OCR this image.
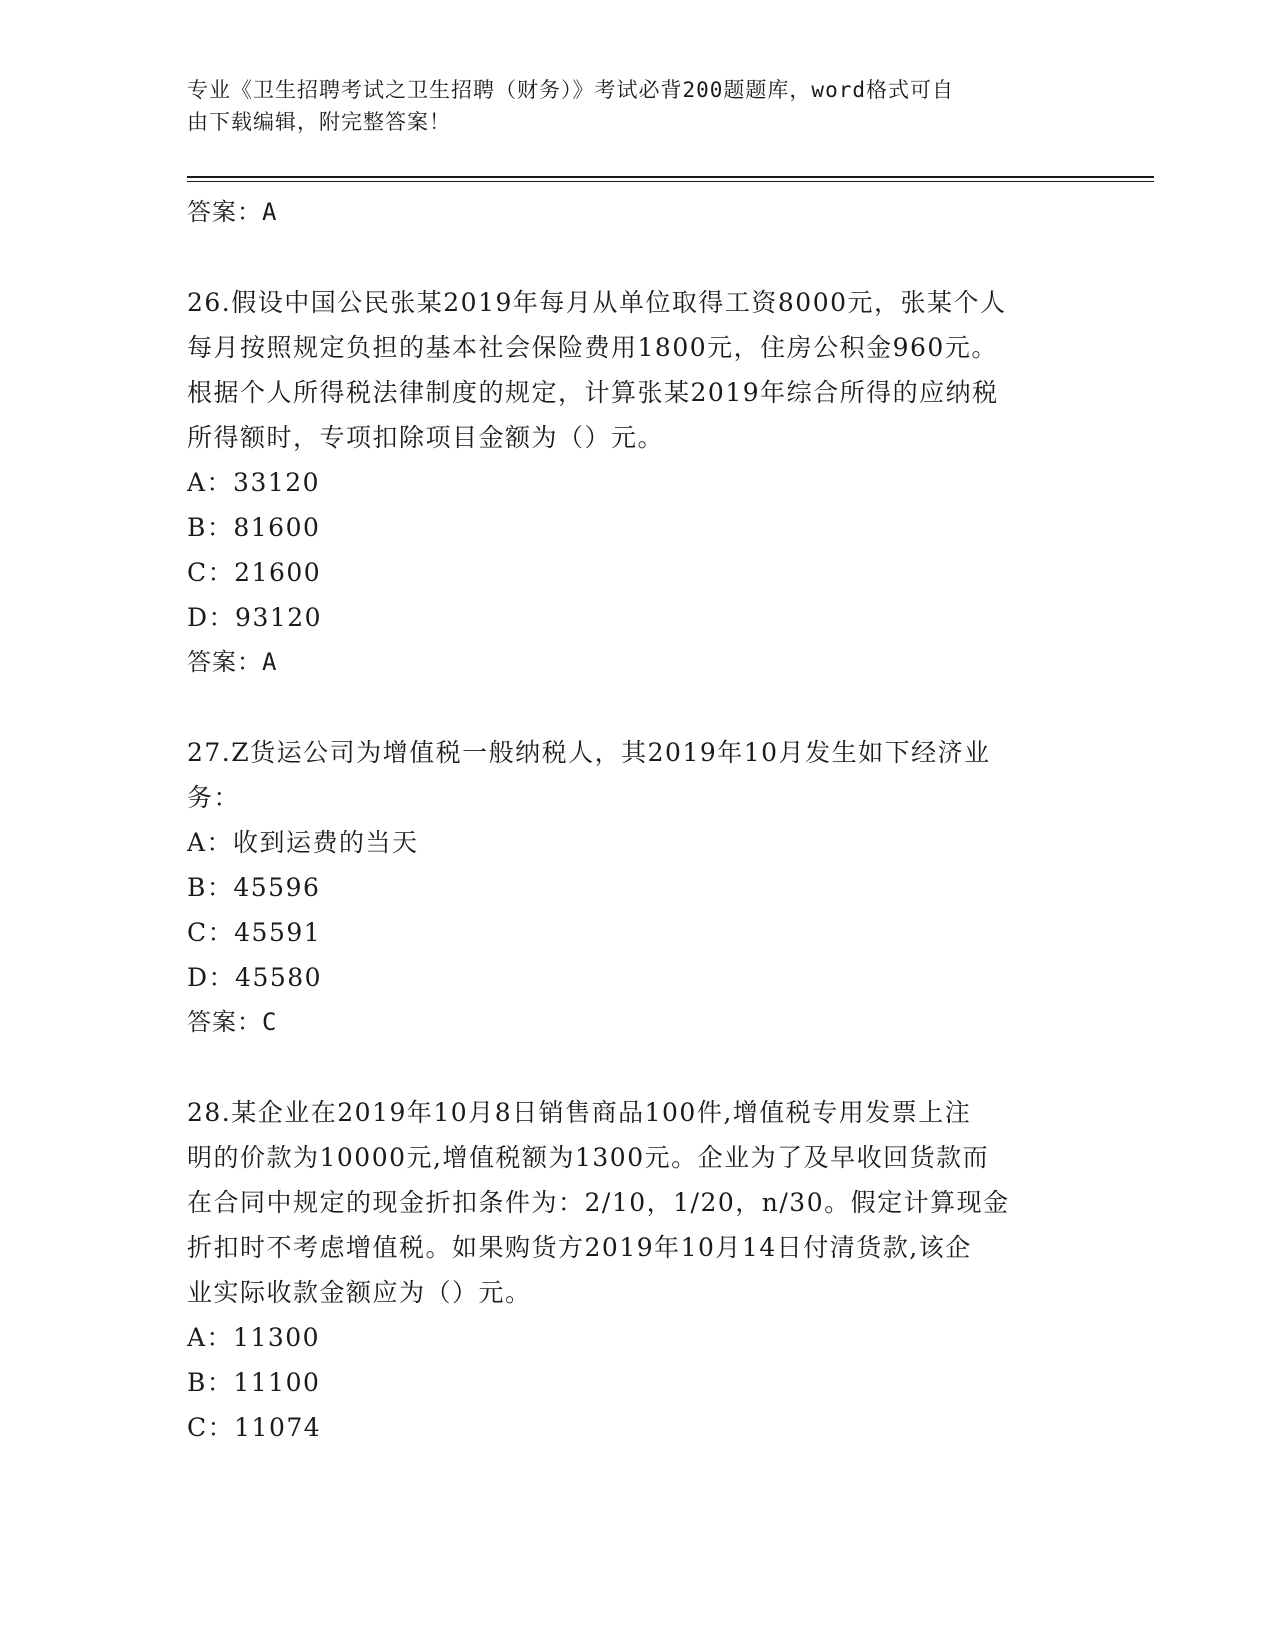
专业《卫生招聘考试之卫生招聘（财务）》考试必背200题题库，word格式可自

由下载编辑，附完整答案！

答案：A

26.假设中国公民张某2019年每月从单位取得工资8000元，张某个人

每月按照规定负担的基本社会保险费用1800元，住房公积金960元。

根据个人所得税法律制度的规定，计算张某2019年综合所得的应纳税

所得额时，专项扣除项目金额为（）元。

A：33120

B：81600

C：21600

D：93120

答案：A

27.Z货运公司为增值税一般纳税人，其2019年10月发生如下经济业

务：

A：收到运费的当天

B：45596

C：45591

D：45580

答案：C

28.某企业在2019年10月8日销售商品100件,增值税专用发票上注

明的价款为10000元,增值税额为1300元。企业为了及早收回货款而

在合同中规定的现金折扣条件为：2/10，1/20，n/30。假定计算现金

折扣时不考虑增值税。如果购货方2019年10月14日付清货款,该企

业实际收款金额应为（）元。

A：11300

B：11100

C：11074
